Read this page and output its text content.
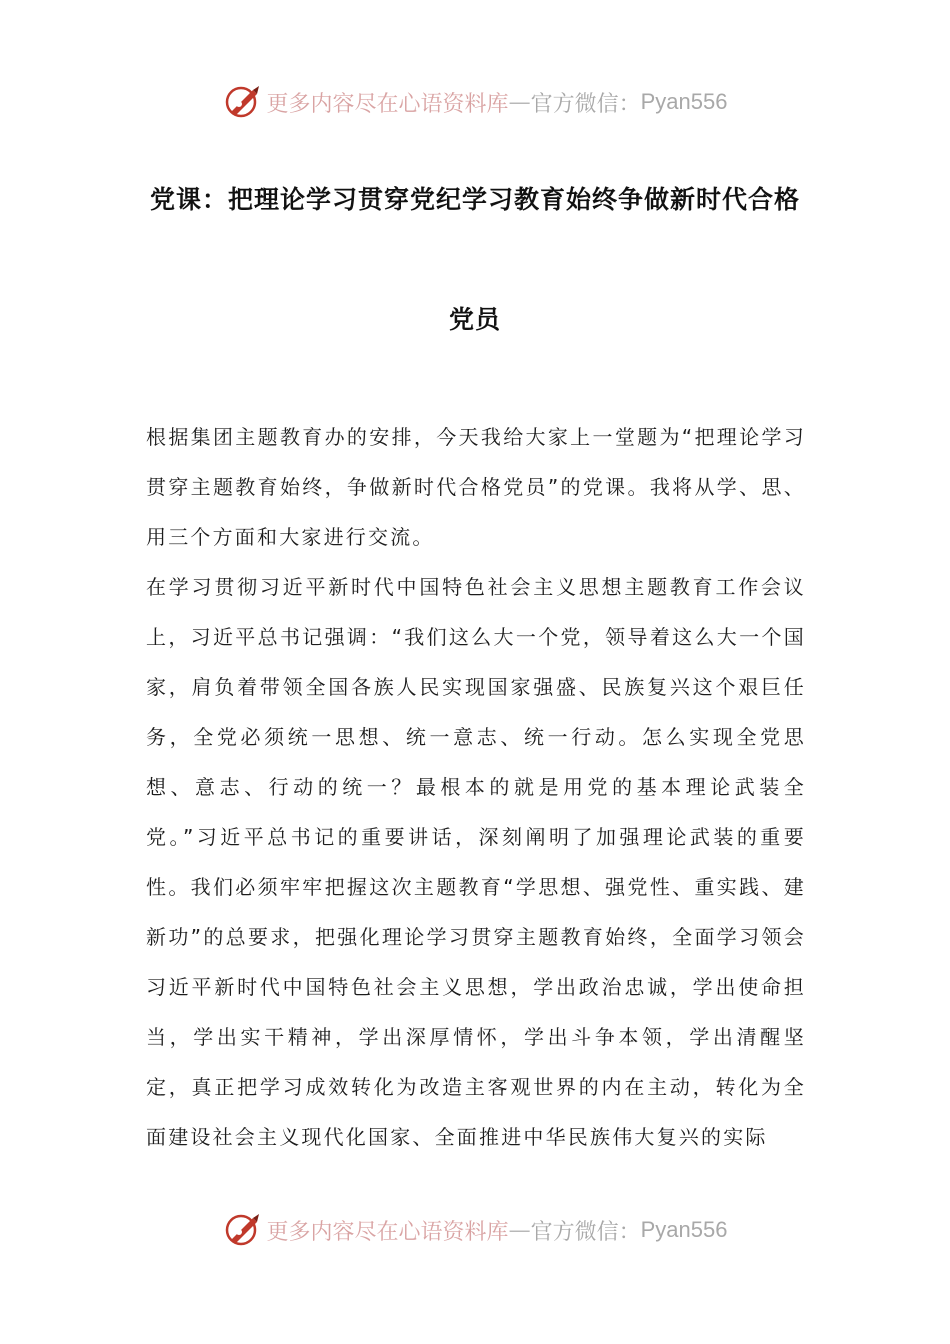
更多内容尽在心语资料库 — 官方微信： Pyan556
党课：把理论学习贯穿党纪学习教育始终争做新时代合格
党员

根据集团主题教育办的安排，今天我给大家上一堂题为“把理论学习贯穿主题教育始终，争做新时代合格党员”的党课。我将从学、思、用三个方面和大家进行交流。

在学习贯彻习近平新时代中国特色社会主义思想主题教育工作会议上，习近平总书记强调：“我们这么大一个党，领导着这么大一个国家，肩负着带领全国各族人民实现国家强盛、民族复兴这个艰巨任务，全党必须统一思想、统一意志、统一行动。怎么实现全党思想、意志、行动的统一？最根本的就是用党的基本理论武装全党。”习近平总书记的重要讲话，深刻阐明了加强理论武装的重要性。我们必须牢牢把握这次主题教育“学思想、强党性、重实践、建新功”的总要求，把强化理论学习贯穿主题教育始终，全面学习领会习近平新时代中国特色社会主义思想，学出政治忠诚，学出使命担当，学出实干精神，学出深厚情怀，学出斗争本领，学出清醒坚定，真正把学习成效转化为改造主客观世界的内在主动，转化为全面建设社会主义现代化国家、全面推进中华民族伟大复兴的实际

更多内容尽在心语资料库 — 官方微信： Pyan556
